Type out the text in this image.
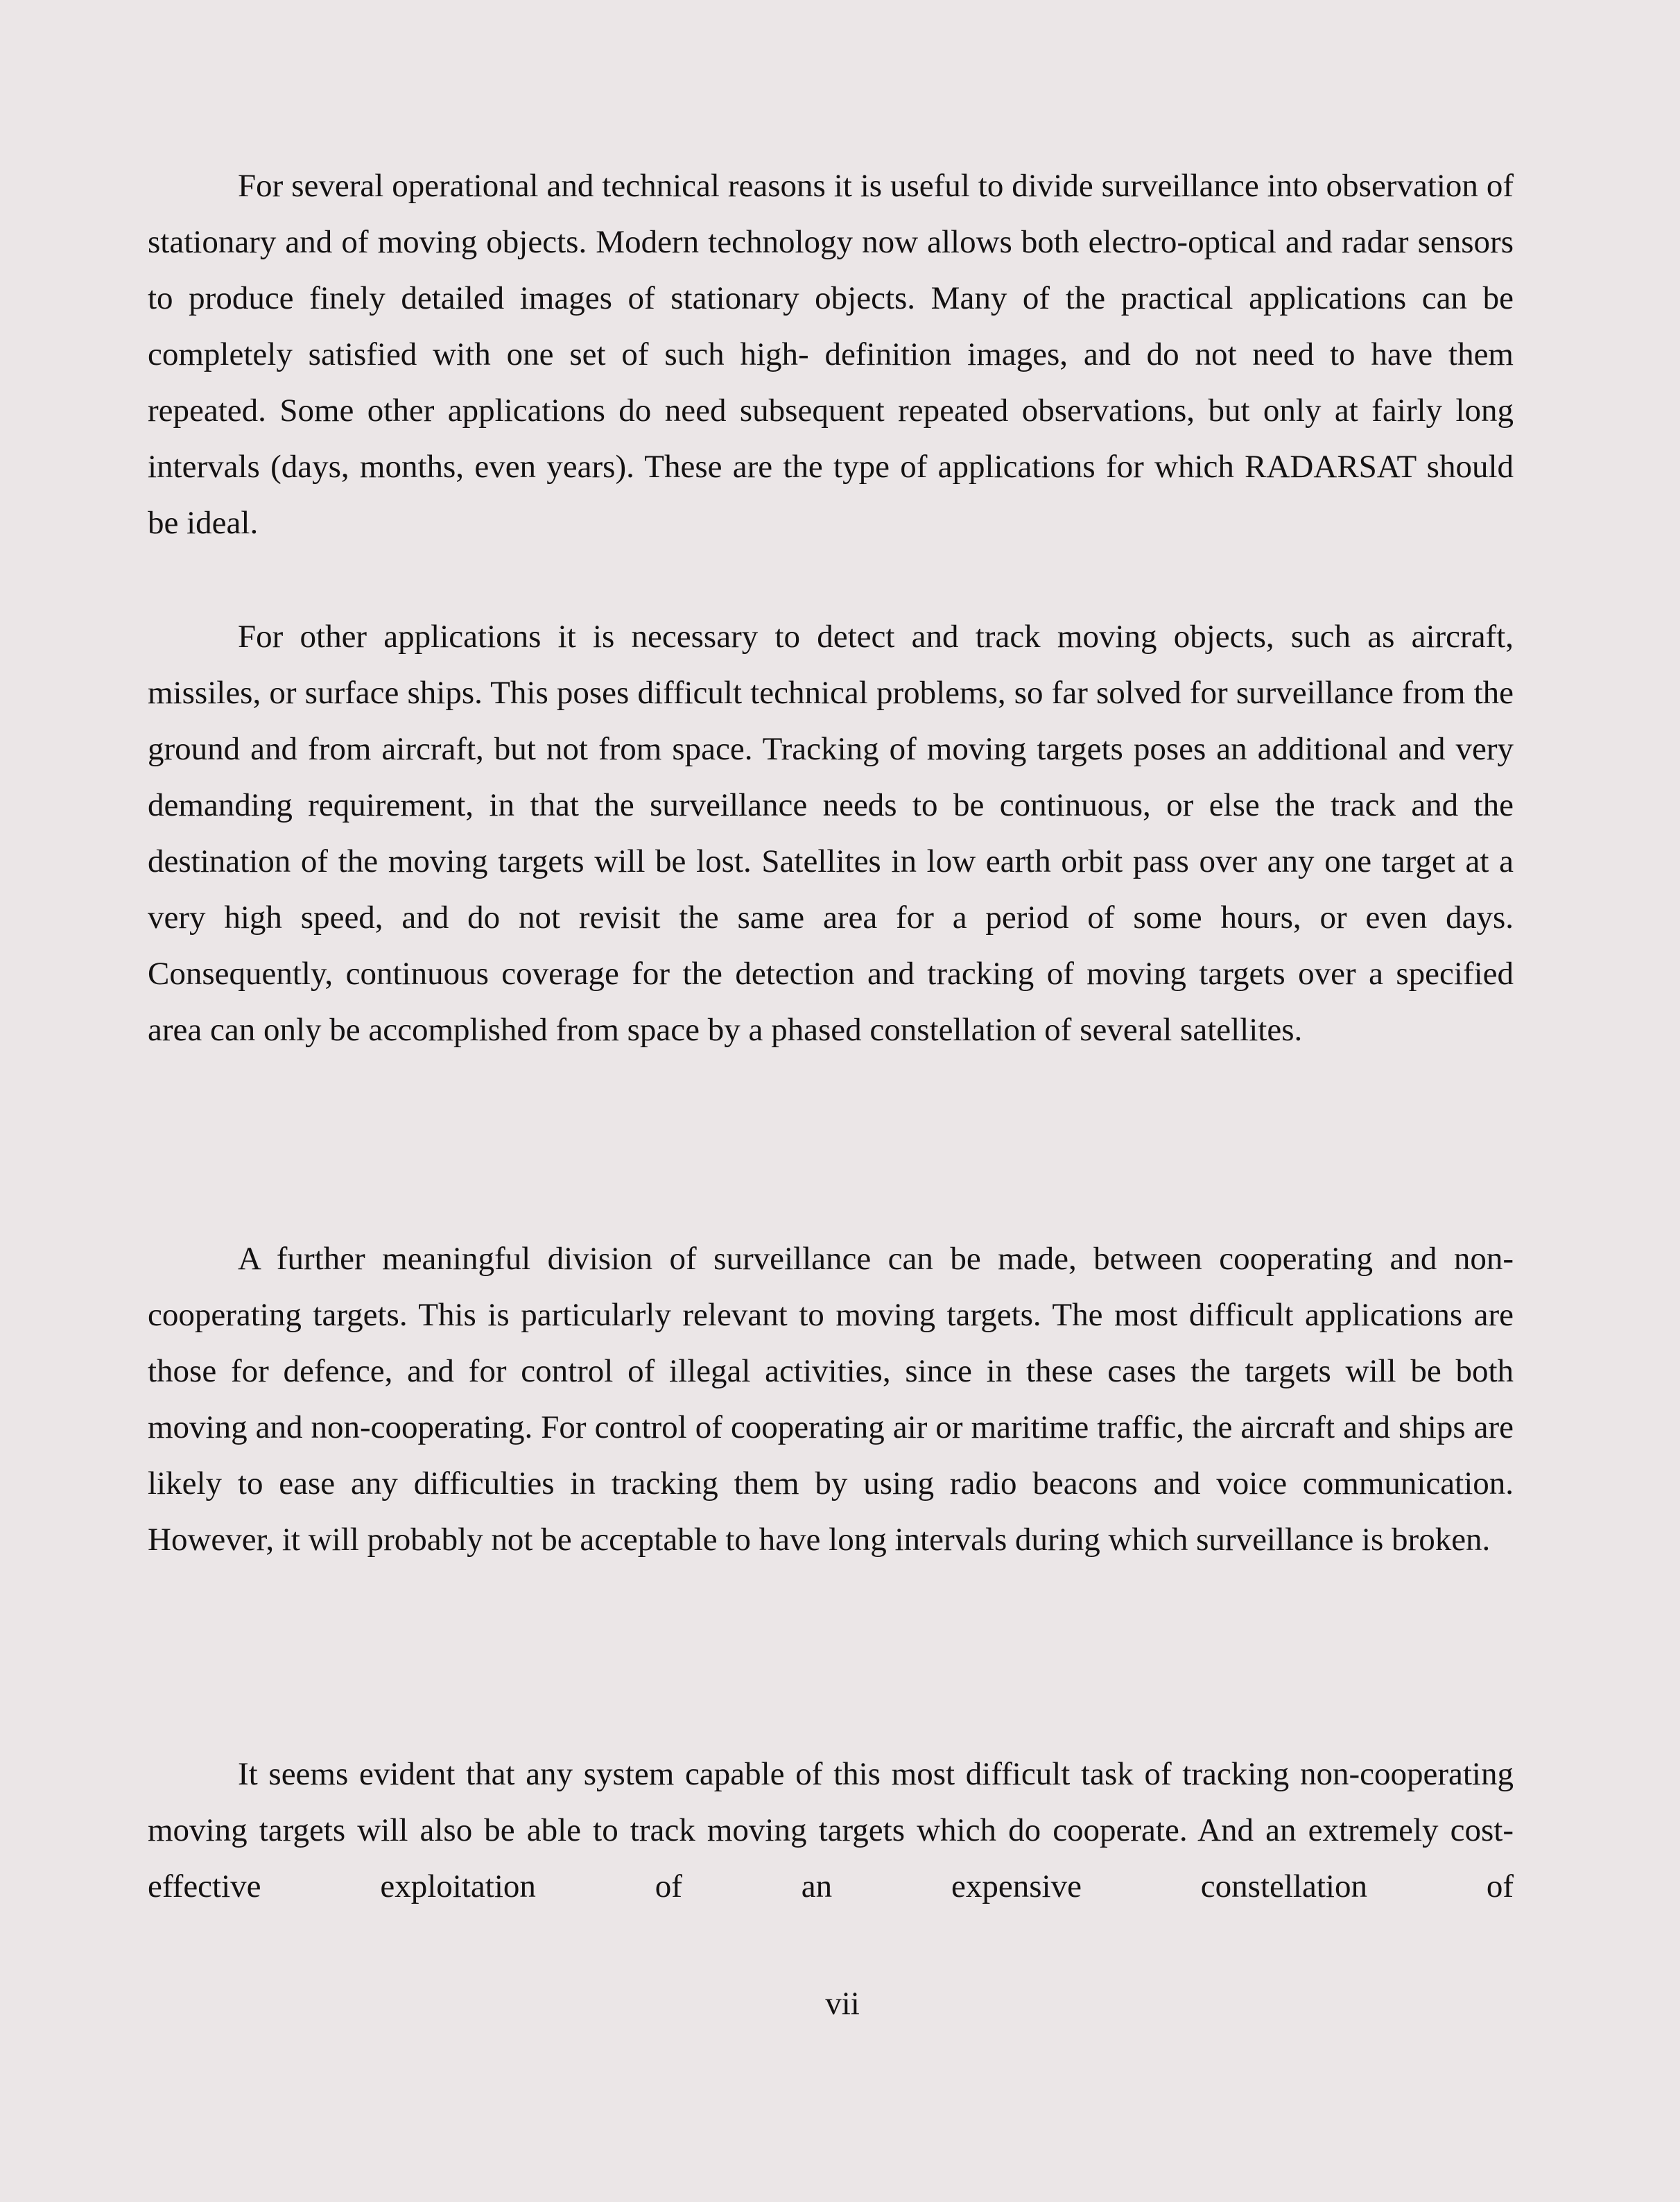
For several operational and technical reasons it is useful to divide surveillance into observation of stationary and of moving objects. Modern technology now allows both electro-optical and radar sensors to produce finely detailed images of stationary objects. Many of the practical applications can be completely satisfied with one set of such high- definition images, and do not need to have them repeated. Some other applications do need subsequent repeated observations, but only at fairly long intervals (days, months, even years). These are the type of applications for which RADARSAT should be ideal.

For other applications it is necessary to detect and track moving objects, such as aircraft, missiles, or surface ships. This poses difficult technical problems, so far solved for surveillance from the ground and from aircraft, but not from space. Tracking of moving targets poses an additional and very demanding requirement, in that the surveillance needs to be continuous, or else the track and the destination of the moving targets will be lost. Satellites in low earth orbit pass over any one target at a very high speed, and do not revisit the same area for a period of some hours, or even days. Consequently, continuous coverage for the detection and tracking of moving targets over a specified area can only be accomplished from space by a phased constellation of several satellites.

A further meaningful division of surveillance can be made, between cooperating and non-cooperating targets. This is particularly relevant to moving targets. The most difficult applications are those for defence, and for control of illegal activities, since in these cases the targets will be both moving and non-cooperating. For control of cooperating air or maritime traffic, the aircraft and ships are likely to ease any difficulties in tracking them by using radio beacons and voice communication. However, it will probably not be acceptable to have long intervals during which surveillance is broken.

It seems evident that any system capable of this most difficult task of tracking non-cooperating moving targets will also be able to track moving targets which do cooperate. And an extremely cost-effective exploitation of an expensive constellation of

vii
